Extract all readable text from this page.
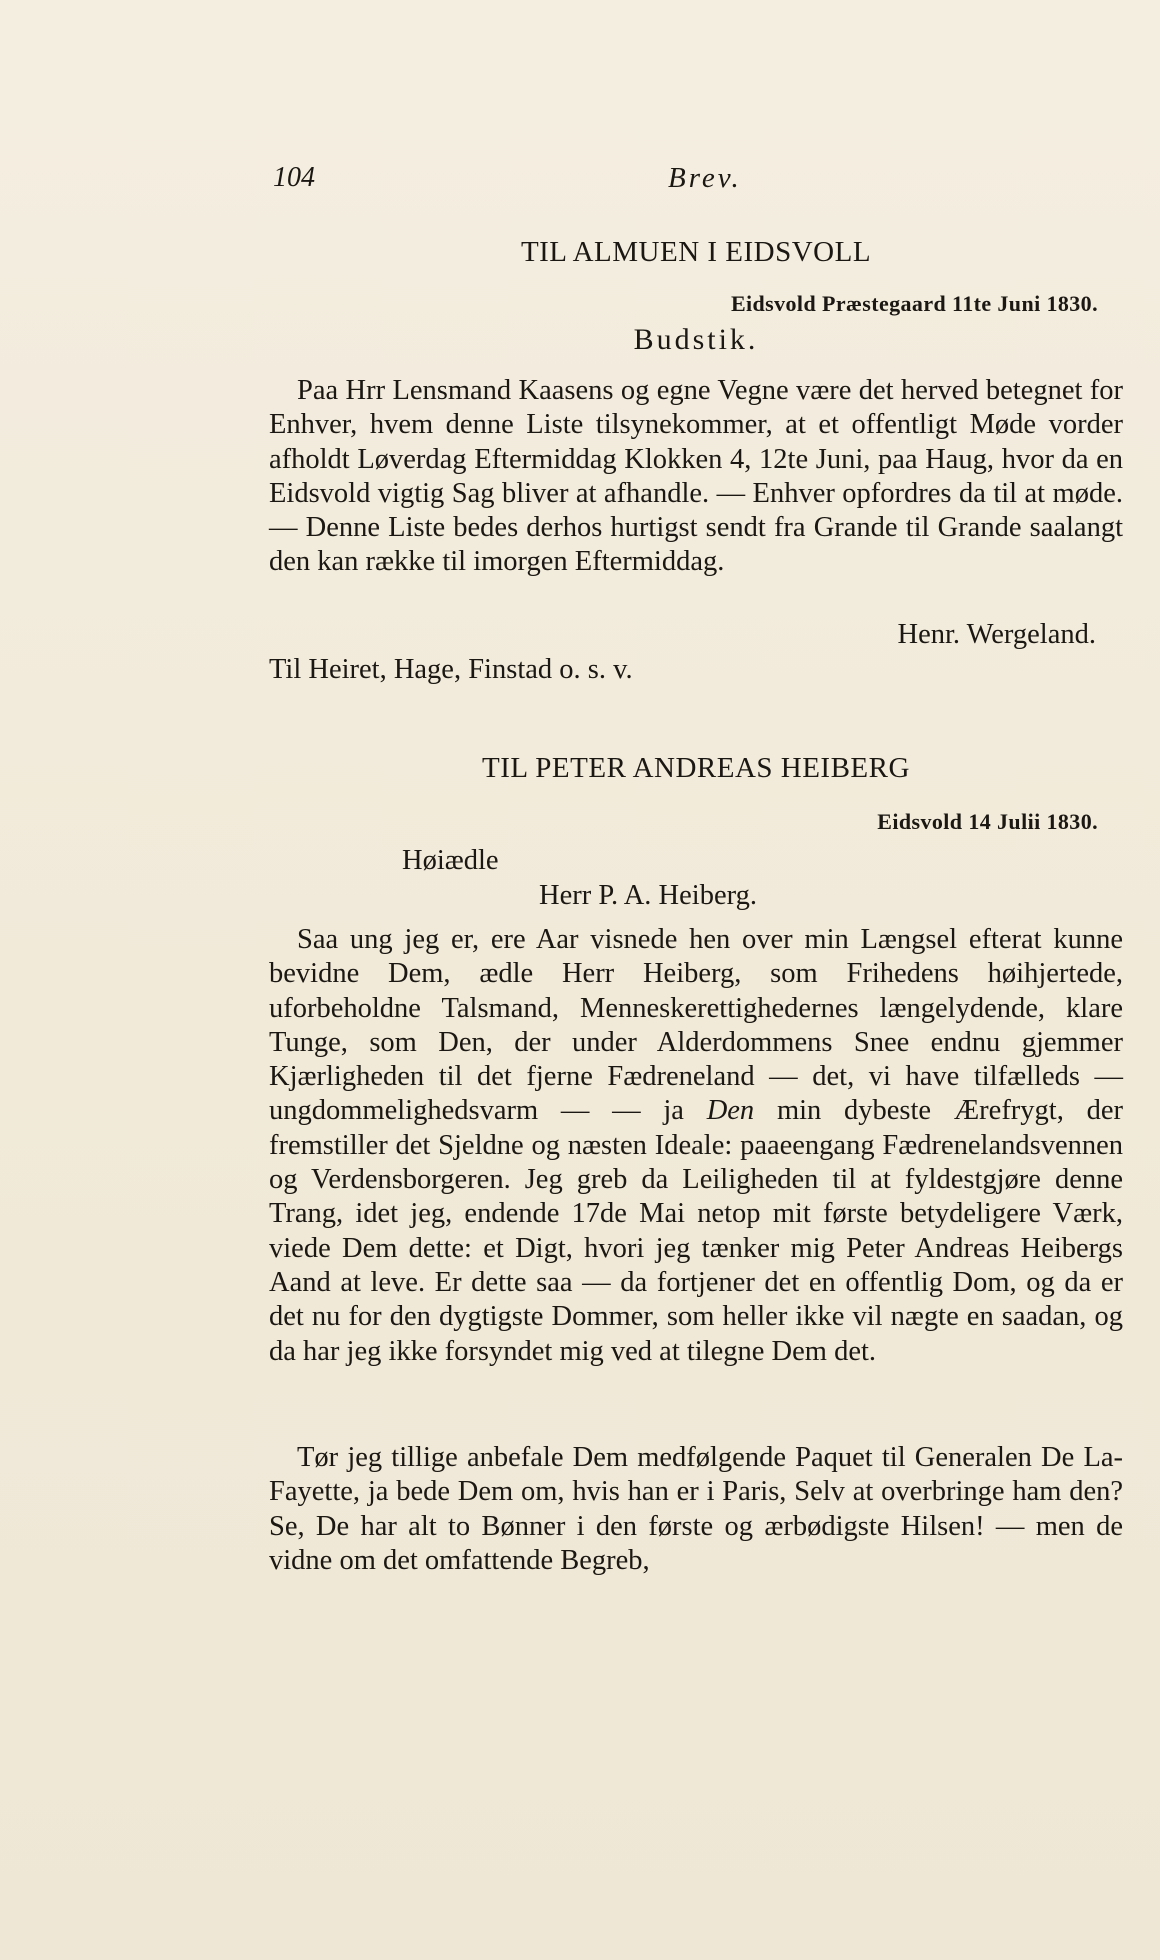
104	Brev.
TIL ALMUEN I EIDSVOLL
Eidsvold Præstegaard 11te Juni 1830.
Budstik.

Paa Hrr Lensmand Kaasens og egne Vegne være det herved betegnet for Enhver, hvem denne Liste tilsynekommer, at et offentligt Møde vorder afholdt Løverdag Eftermiddag Klokken 4, 12te Juni, paa Haug, hvor da en Eidsvold vigtig Sag bliver at afhandle. — Enhver opfordres da til at møde. — Denne Liste bedes derhos hurtigst sendt fra Grande til Grande saalangt den kan række til imorgen Eftermiddag.

Henr. Wergeland.
Til Heiret, Hage, Finstad o. s. v.
TIL PETER ANDREAS HEIBERG
Eidsvold 14 Julii 1830.
Høiædle
Herr P. A. Heiberg.

Saa ung jeg er, ere Aar visnede hen over min Længsel efterat kunne bevidne Dem, ædle Herr Heiberg, som Frihedens høihjertede, uforbeholdne Talsmand, Menneskerettighedernes længelydende, klare Tunge, som Den, der under Alderdommens Snee endnu gjemmer Kjærligheden til det fjerne Fædreneland — det, vi have tilfælleds — ungdommelighedsvarm — — ja Den min dybeste Ærefrygt, der fremstiller det Sjeldne og næsten Ideale: paaeengang Fædrenelandsvennen og Verdensborgeren. Jeg greb da Leiligheden til at fyldestgjøre denne Trang, idet jeg, endende 17de Mai netop mit første betydeligere Værk, viede Dem dette: et Digt, hvori jeg tænker mig Peter Andreas Heibergs Aand at leve. Er dette saa — da fortjener det en offentlig Dom, og da er det nu for den dygtigste Dommer, som heller ikke vil nægte en saadan, og da har jeg ikke forsyndet mig ved at tilegne Dem det.

Tør jeg tillige anbefale Dem medfølgende Paquet til Generalen De La-Fayette, ja bede Dem om, hvis han er i Paris, Selv at overbringe ham den? Se, De har alt to Bønner i den første og ærbødigste Hilsen! — men de vidne om det omfattende Begreb,
